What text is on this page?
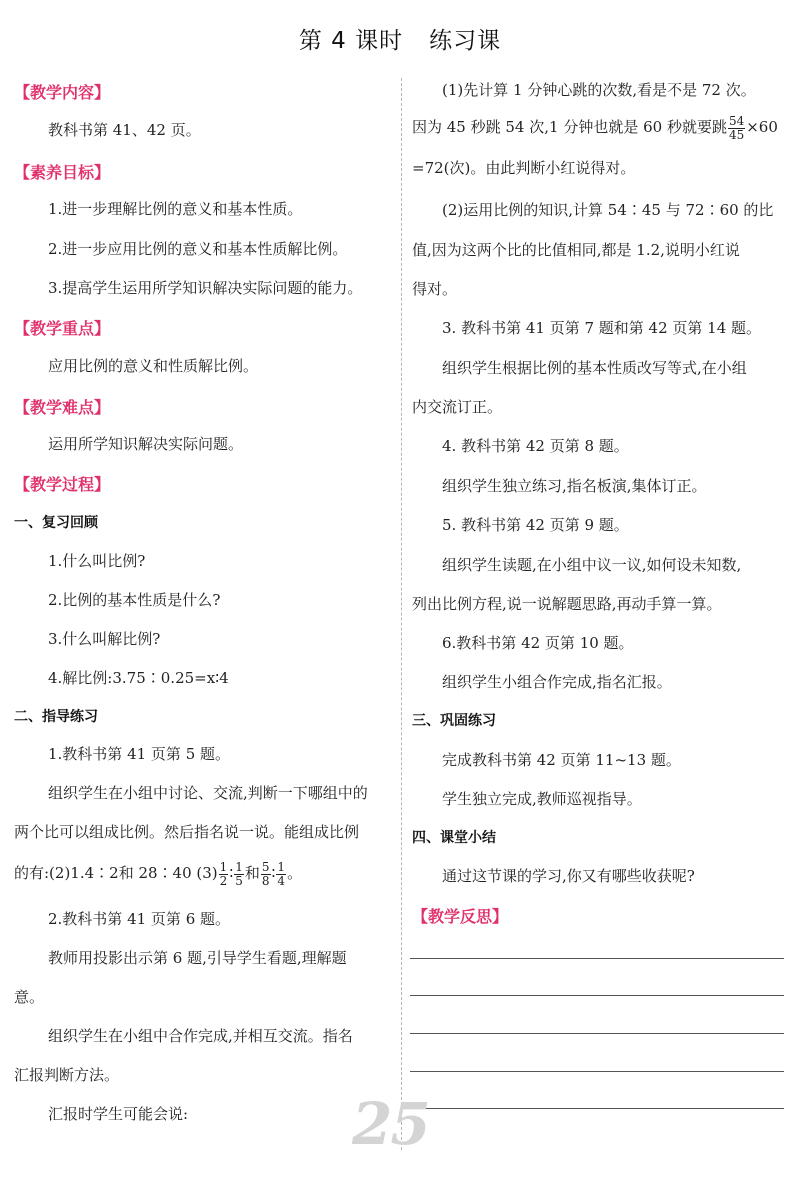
第 4 课时 练习课
【教学内容】

教科书第 41、42 页。

【素养目标】

1.进一步理解比例的意义和基本性质。

2.进一步应用比例的意义和基本性质解比例。

3.提高学生运用所学知识解决实际问题的能力。

【教学重点】

应用比例的意义和性质解比例。

【教学难点】

运用所学知识解决实际问题。

【教学过程】
一、复习回顾

1.什么叫比例?

2.比例的基本性质是什么?

3.什么叫解比例?

4.解比例:3.75∶0.25=x∶4

二、指导练习

1.教科书第 41 页第 5 题。

组织学生在小组中讨论、交流,判断一下哪组中的

两个比可以组成比例。然后指名说一说。能组成比例

的有:(2)1.4∶2和 28∶40 $(3) \frac{1}{2}$ ∶ $\frac{1}{5}$ 和 $\frac{5}{8}$ ∶ $\frac{1}{4}$ 。

2.教科书第 41 页第 6 题。

教师用投影出示第 6 题,引导学生看题,理解题

意。

组织学生在小组中合作完成,并相互交流。指名

汇报判断方法。

汇报时学生可能会说:

(1)先计算 1 分钟心跳的次数,看是不是 72 次。

因为 45 秒跳 54 次,1 分钟也就是 60 秒就要跳 $\frac{54}{45} \times 60$

=72(次)。由此判断小红说得对。

(2)运用比例的知识,计算 54∶45 与 72∶60 的比

值,因为这两个比的比值相同,都是 1.2,说明小红说

得对。

3. 教科书第 41 页第 7 题和第 42 页第 14 题。

组织学生根据比例的基本性质改写等式,在小组

内交流订正。

4. 教科书第 42 页第 8 题。

组织学生独立练习,指名板演,集体订正。

5. 教科书第 42 页第 9 题。

组织学生读题,在小组中议一议,如何设未知数,

列出比例方程,说一说解题思路,再动手算一算。

6.教科书第 42 页第 10 题。

组织学生小组合作完成,指名汇报。

三、巩固练习

完成教科书第 42 页第 11~13 题。

学生独立完成,教师巡视指导。

四、课堂小结

通过这节课的学习,你又有哪些收获呢?

【教学反思】
25
